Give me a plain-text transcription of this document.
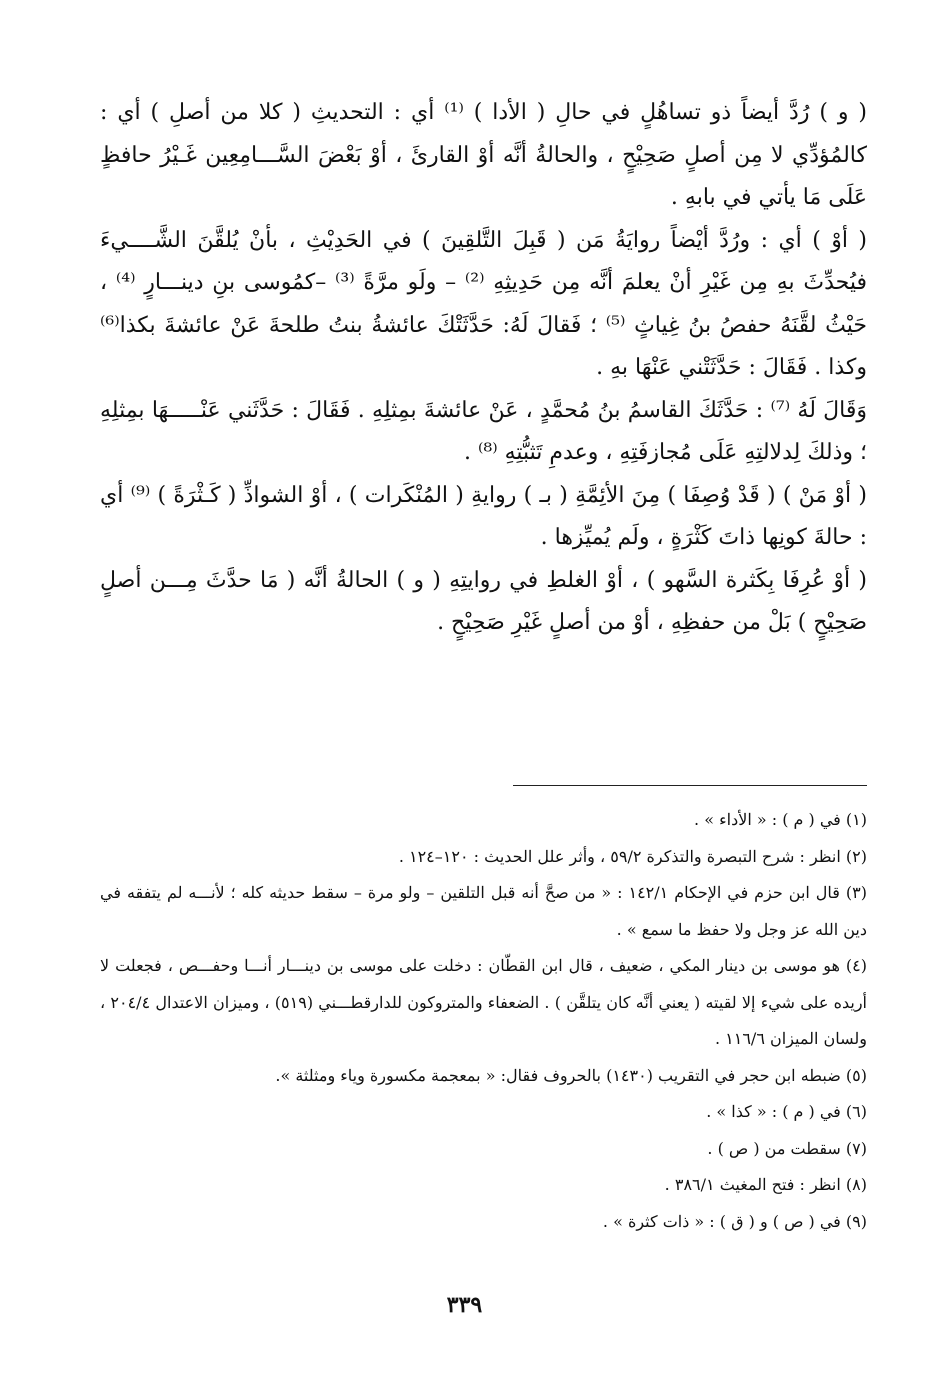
( و ) رُدَّ أيضاً ذو تساهُلٍ في حالِ ( الأدا ) ⁽¹⁾ أي : التحديثِ ( كلا من أصلِ ) أي : كالمُؤدِّي لا مِن أصلٍ صَحِيْحٍ ، والحالةُ أنَّه أوْ القارئَ ، أوْ بَعْضَ السَّـــامِعِين غَـيْرُ حافظٍ عَلَى مَا يأتي في بابهِ .

( أوْ ) أي : ورُدَّ أيْضاً روايَةُ مَن ( قَبِلَ التَّلقِينَ ) في الحَدِيْثِ ، بأنْ يُلقَّنَ الشَّــــيءَ فيُحدِّثَ بهِ مِن غَيْرِ أنْ يعلمَ أنَّه مِن حَدِيثِهِ ⁽²⁾ – ولَو مرَّةً ⁽³⁾ –كمُوسى بنِ دينـــارٍ ⁽⁴⁾ ، حَيْثُ لقَّنَهُ حفصُ بنُ غِياثٍ ⁽⁵⁾ ؛ فَقالَ لَهُ: حَدَّثَتْكَ عائشةُ بنتُ طلحةَ عَنْ عائشةَ بكذا⁽⁶⁾ وكذا . فَقَالَ : حَدَّثَتْني عَنْهَا بهِ .

وَقَالَ لَهُ ⁽⁷⁾ : حَدَّثَكَ القاسمُ بنُ مُحمَّدٍ ، عَنْ عائشةَ بمِثلِهِ . فَقَالَ : حَدَّثَني عَنْـــــهَا بمِثلِهِ ؛ وذلكَ لِدلالتِهِ عَلَى مُجازفَتِهِ ، وعدمِ تَثبُّتِهِ ⁽⁸⁾ .

( أوْ مَنْ ) ( قَدْ وُصِفَا ) مِنَ الأئِمَّةِ ( بـ ) روايةِ ( المُنْكَرات ) ، أوْ الشواذِّ ( كَـثْرَةً ) ⁽⁹⁾ أي : حالةَ كونِها ذاتَ كَثْرَةٍ ، ولَم يُميِّزها .

( أوْ عُرِفَا بِكَثرة السَّهو ) ، أوْ الغلطِ في روايتِهِ ( و ) الحالةُ أنَّه ( مَا حدَّثَ مِـــن أصلٍ صَحِيْحٍ ) بَلْ من حفظِهِ ، أوْ من أصلٍ غَيْرِ صَحِيْحٍ .

(١) في ( م ) : « الأداء » .

(٢) انظر : شرح التبصرة والتذكرة ٥٩/٢ ، وأثر علل الحديث : ١٢٠–١٢٤ .

(٣) قال ابن حزم في الإحكام ١٤٢/١ : « من صحَّ أنه قبل التلقين – ولو مرة – سقط حديثه كله ؛ لأنـــه لم يتفقه في دين الله عز وجل ولا حفظ ما سمع » .

(٤) هو موسى بن دينار المكي ، ضعيف ، قال ابن القطّان : دخلت على موسى بن دينـــار أنـــا وحفـــص ، فجعلت لا أريده على شيء إلا لقيته ( يعني أنَّه كان يتلقَّن ) . الضعفاء والمتروكون للدارقطـــني (٥١٩) ، وميزان الاعتدال ٢٠٤/٤ ، ولسان الميزان ١١٦/٦ .

(٥) ضبطه ابن حجر في التقريب (١٤٣٠) بالحروف فقال: « بمعجمة مكسورة وياء ومثلثة ».

(٦) في ( م ) : « كذا » .

(٧) سقطت من ( ص ) .

(٨) انظر : فتح المغيث ٣٨٦/١ .

(٩) في ( ص ) و ( ق ) : « ذات كثرة » .

٣٣٩
